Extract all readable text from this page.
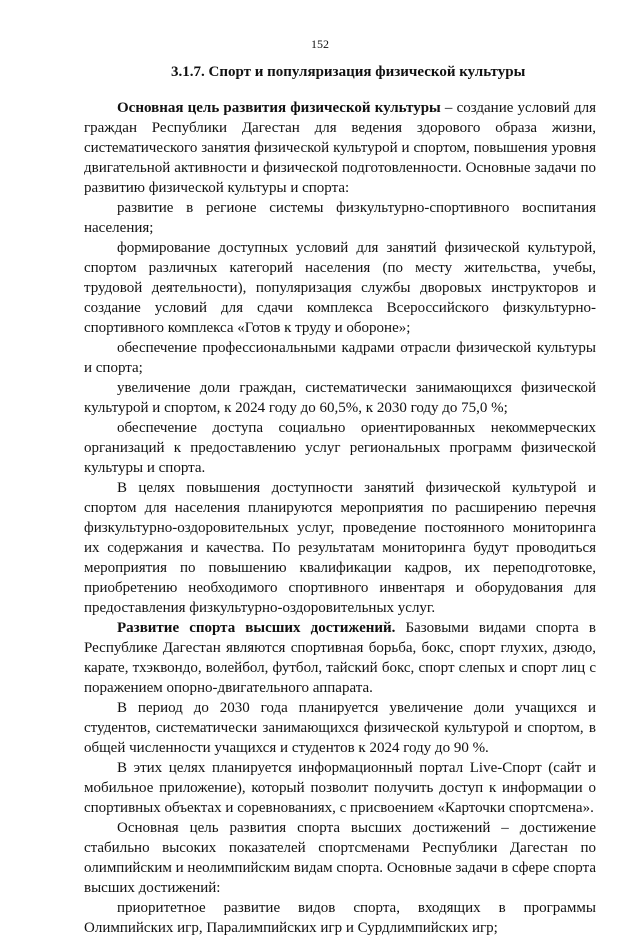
152
3.1.7. Спорт и популяризация физической культуры

Основная цель развития физической культуры – создание условий для граждан Республики Дагестан для ведения здорового образа жизни, систематического занятия физической культурой и спортом, повышения уровня двигательной активности и физической подготовленности. Основные задачи по развитию физической культуры и спорта:

развитие в регионе системы физкультурно-спортивного воспитания населения;

формирование доступных условий для занятий физической культурой, спортом различных категорий населения (по месту жительства, учебы, трудовой деятельности), популяризация службы дворовых инструкторов и создание условий для сдачи комплекса Всероссийского физкультурно-спортивного комплекса «Готов к труду и обороне»;

обеспечение профессиональными кадрами отрасли физической культуры и спорта;

увеличение доли граждан, систематически занимающихся физической культурой и спортом, к 2024 году до 60,5%, к 2030 году до 75,0 %;

обеспечение доступа социально ориентированных некоммерческих организаций к предоставлению услуг региональных программ физической культуры и спорта.

В целях повышения доступности занятий физической культурой и спортом для населения планируются мероприятия по расширению перечня физкультурно-оздоровительных услуг, проведение постоянного мониторинга их содержания и качества. По результатам мониторинга будут проводиться мероприятия по повышению квалификации кадров, их переподготовке, приобретению необходимого спортивного инвентаря и оборудования для предоставления физкультурно-оздоровительных услуг.

Развитие спорта высших достижений. Базовыми видами спорта в Республике Дагестан являются спортивная борьба, бокс, спорт глухих, дзюдо, карате, тхэквондо, волейбол, футбол, тайский бокс, спорт слепых и спорт лиц с поражением опорно-двигательного аппарата.

В период до 2030 года планируется увеличение доли учащихся и студентов, систематически занимающихся физической культурой и спортом, в общей численности учащихся и студентов к 2024 году до 90 %.

В этих целях планируется информационный портал Live-Спорт (сайт и мобильное приложение), который позволит получить доступ к информации о спортивных объектах и соревнованиях, с присвоением «Карточки спортсмена».

Основная цель развития спорта высших достижений – достижение стабильно высоких показателей спортсменами Республики Дагестан по олимпийским и неолимпийским видам спорта. Основные задачи в сфере спорта высших достижений:

приоритетное развитие видов спорта, входящих в программы Олимпийских игр, Паралимпийских игр и Сурдлимпийских игр;
